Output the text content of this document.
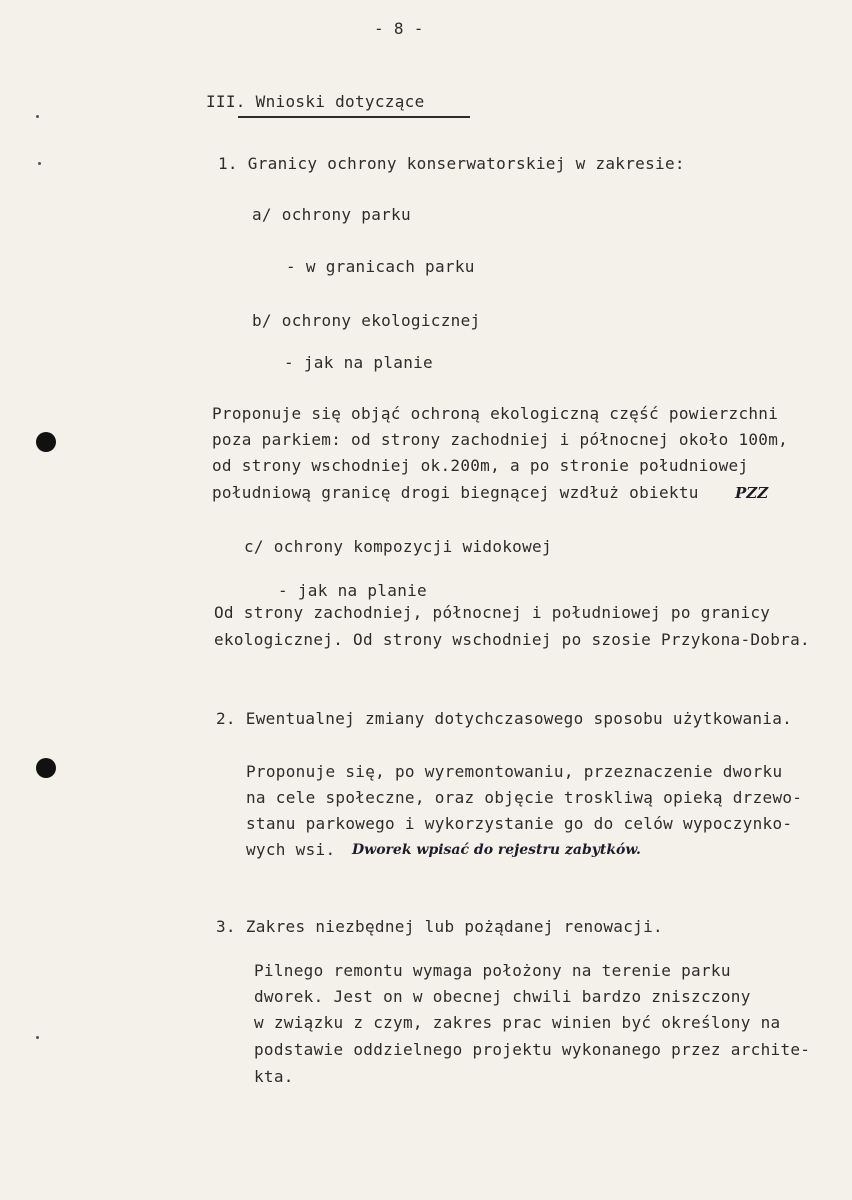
- 8 -
III. Wnioski dotyczące
1. Granicy ochrony konserwatorskiej w zakresie:
a/ ochrony parku
- w granicach parku
b/ ochrony ekologicznej
- jak na planie
Proponuje się objąć ochroną ekologiczną część powierzchni
poza parkiem: od strony zachodniej i północnej około 100m,
od strony wschodniej ok.200m, a po stronie południowej
południową granicę drogi biegnącej wzdłuż obiektu PZZ
c/ ochrony kompozycji widokowej
- jak na planie
Od strony zachodniej, północnej i południowej po granicy
ekologicznej. Od strony wschodniej po szosie Przykona-Dobra.
2. Ewentualnej zmiany dotychczasowego sposobu użytkowania.
Proponuje się, po wyremontowaniu, przeznaczenie dworku
na cele społeczne, oraz objęcie troskliwą opieką drzewo-
stanu parkowego i wykorzystanie go do celów wypoczynko-
wych wsi. Dworek wpisać do rejestru zabytków.
3. Zakres niezbędnej lub pożądanej renowacji.
Pilnego remontu wymaga położony na terenie parku
dworek. Jest on w obecnej chwili bardzo zniszczony
w związku z czym, zakres prac winien być określony na
podstawie oddzielnego projektu wykonanego przez archite-
kta.
